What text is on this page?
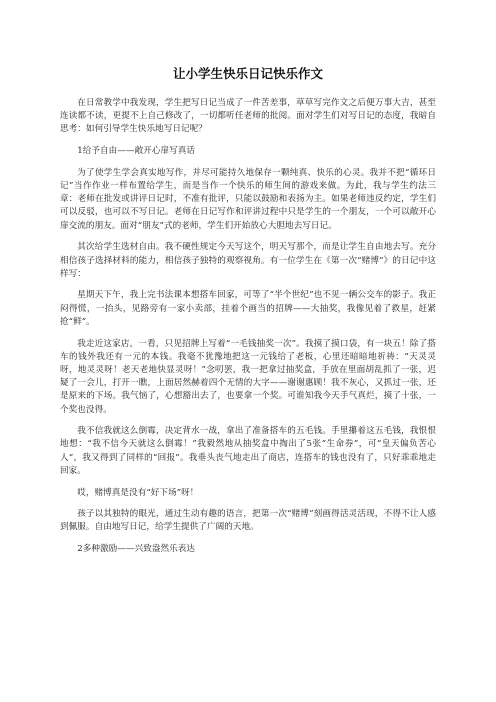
让小学生快乐日记快乐作文

在日常教学中我发现，学生把写日记当成了一件苦差事，草草写完作文之后便万事大吉，甚至连读都不读，更提不上自己修改了，一切都听任老师的批阅。面对学生们对写日记的态度，我暗自思考：如何引导学生快乐地写日记呢？

1给予自由——敞开心扉写真话

为了使学生学会真实地写作，并尽可能持久地保存一颗纯真、快乐的心灵。我并不把“循环日记”当作作业一样布置给学生，而是当作一个快乐的师生间的游戏来做。为此，我与学生约法三章：老师在批发或讲评日记时，不准有批评，只能以鼓励和表扬为主。如果老师违反约定，学生们可以反驳，也可以不写日记。老师在日记写作和评讲过程中只是学生的一个朋友，一个可以敞开心扉交流的朋友。面对“朋友”式的老师，学生们开始放心大胆地去写日记。

其次给学生选材自由。我不硬性规定今天写这个，明天写那个，而是让学生自由地去写。充分相信孩子选择材料的能力，相信孩子独特的观察视角。有一位学生在《第一次“赌博”》的日记中这样写：

星期天下午，我上完书法课本想搭车回家，可等了“半个世纪”也不见一辆公交车的影子。我正闷得慌，一抬头，见路旁有一家小卖部，挂着个画当的招牌——大抽奖，我像见着了救星，赶紧抢“鲜”。

我走近这家店，一看，只见招牌上写着“一毛钱抽奖一次”。我摸了摸口袋，有一块五！除了搭车的钱外我还有一元的本钱。我毫不犹豫地把这一元钱给了老板，心里还暗暗地祈祷：“天灵灵呀，地灵灵呀！老天老地快显灵呀！”念叨罢，我一把拿过抽奖盒，手放在里面胡乱抓了一张，迟疑了一会儿，打开一瞧，上面居然赫着四个无情的大字——谢谢惠顾！我不灰心，又抓过一张，还是原来的下场。我气恼了，心想豁出去了，也要拿一个奖。可谁知我今天手气真烂，摸了十张，一个奖也没得。

我不信我就这么倒霉，决定背水一战，拿出了准备搭车的五毛钱。手里攥着这五毛钱，我恨恨地想：“我不信今天就这么倒霉！”我毅然地从抽奖盒中掏出了5张“生命券”，可“皇天偏负苦心人”，我又得到了同样的“回报”。我垂头丧气地走出了商店，连搭车的钱也没有了，只好乖乖地走回家。

哎，赌博真是没有“好下场”呀！

孩子以其独特的眼光，通过生动有趣的语言，把第一次“赌博”刻画得活灵活现，不得不让人感到佩服。自由地写日记，给学生提供了广阔的天地。

2多种激励——兴致盎然乐表达
